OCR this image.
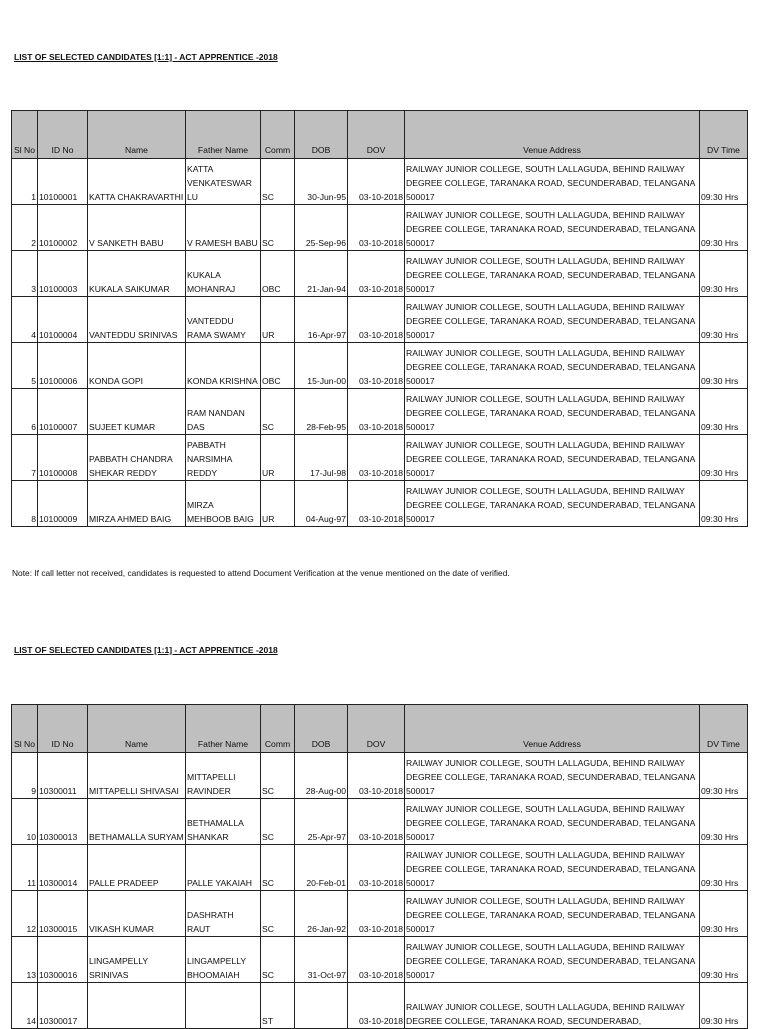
LIST OF SELECTED CANDIDATES [1:1] - ACT APPRENTICE -2018
Sl No	ID No	Name	Father Name	Comm	DOB	DOV	Venue Address	DV Time
1	10100001	KATTA CHAKRAVARTHI	KATTA VENKATESWAR LU	SC	30-Jun-95	03-10-2018	RAILWAY JUNIOR COLLEGE, SOUTH LALLAGUDA, BEHIND RAILWAY DEGREE COLLEGE, TARANAKA ROAD, SECUNDERABAD, TELANGANA 500017	09:30 Hrs
2	10100002	V SANKETH BABU	V RAMESH BABU	SC	25-Sep-96	03-10-2018	RAILWAY JUNIOR COLLEGE, SOUTH LALLAGUDA, BEHIND RAILWAY DEGREE COLLEGE, TARANAKA ROAD, SECUNDERABAD, TELANGANA 500017	09:30 Hrs
3	10100003	KUKALA SAIKUMAR	KUKALA MOHANRAJ	OBC	21-Jan-94	03-10-2018	RAILWAY JUNIOR COLLEGE, SOUTH LALLAGUDA, BEHIND RAILWAY DEGREE COLLEGE, TARANAKA ROAD, SECUNDERABAD, TELANGANA 500017	09:30 Hrs
4	10100004	VANTEDDU SRINIVAS	VANTEDDU RAMA SWAMY	UR	16-Apr-97	03-10-2018	RAILWAY JUNIOR COLLEGE, SOUTH LALLAGUDA, BEHIND RAILWAY DEGREE COLLEGE, TARANAKA ROAD, SECUNDERABAD, TELANGANA 500017	09:30 Hrs
5	10100006	KONDA GOPI	KONDA KRISHNA	OBC	15-Jun-00	03-10-2018	RAILWAY JUNIOR COLLEGE, SOUTH LALLAGUDA, BEHIND RAILWAY DEGREE COLLEGE, TARANAKA ROAD, SECUNDERABAD, TELANGANA 500017	09:30 Hrs
6	10100007	SUJEET KUMAR	RAM NANDAN DAS	SC	28-Feb-95	03-10-2018	RAILWAY JUNIOR COLLEGE, SOUTH LALLAGUDA, BEHIND RAILWAY DEGREE COLLEGE, TARANAKA ROAD, SECUNDERABAD, TELANGANA 500017	09:30 Hrs
7	10100008	PABBATH CHANDRA SHEKAR REDDY	PABBATH NARSIMHA REDDY	UR	17-Jul-98	03-10-2018	RAILWAY JUNIOR COLLEGE, SOUTH LALLAGUDA, BEHIND RAILWAY DEGREE COLLEGE, TARANAKA ROAD, SECUNDERABAD, TELANGANA 500017	09:30 Hrs
8	10100009	MIRZA AHMED BAIG	MIRZA MEHBOOB BAIG	UR	04-Aug-97	03-10-2018	RAILWAY JUNIOR COLLEGE, SOUTH LALLAGUDA, BEHIND RAILWAY DEGREE COLLEGE, TARANAKA ROAD, SECUNDERABAD, TELANGANA 500017	09:30 Hrs
Note: If call letter not received, candidates is requested to attend Document Verification at the venue mentioned on the date of verified.
LIST OF SELECTED CANDIDATES [1:1] - ACT APPRENTICE -2018
Sl No	ID No	Name	Father Name	Comm	DOB	DOV	Venue Address	DV Time
9	10300011	MITTAPELLI SHIVASAI	MITTAPELLI RAVINDER	SC	28-Aug-00	03-10-2018	RAILWAY JUNIOR COLLEGE, SOUTH LALLAGUDA, BEHIND RAILWAY DEGREE COLLEGE, TARANAKA ROAD, SECUNDERABAD, TELANGANA 500017	09:30 Hrs
10	10300013	BETHAMALLA SURYAM	BETHAMALLA SHANKAR	SC	25-Apr-97	03-10-2018	RAILWAY JUNIOR COLLEGE, SOUTH LALLAGUDA, BEHIND RAILWAY DEGREE COLLEGE, TARANAKA ROAD, SECUNDERABAD, TELANGANA 500017	09:30 Hrs
11	10300014	PALLE PRADEEP	PALLE YAKAIAH	SC	20-Feb-01	03-10-2018	RAILWAY JUNIOR COLLEGE, SOUTH LALLAGUDA, BEHIND RAILWAY DEGREE COLLEGE, TARANAKA ROAD, SECUNDERABAD, TELANGANA 500017	09:30 Hrs
12	10300015	VIKASH KUMAR	DASHRATH RAUT	SC	26-Jan-92	03-10-2018	RAILWAY JUNIOR COLLEGE, SOUTH LALLAGUDA, BEHIND RAILWAY DEGREE COLLEGE, TARANAKA ROAD, SECUNDERABAD, TELANGANA 500017	09:30 Hrs
13	10300016	LINGAMPELLY SRINIVAS	LINGAMPELLY BHOOMAIAH	SC	31-Oct-97	03-10-2018	RAILWAY JUNIOR COLLEGE, SOUTH LALLAGUDA, BEHIND RAILWAY DEGREE COLLEGE, TARANAKA ROAD, SECUNDERABAD, TELANGANA 500017	09:30 Hrs
14	10300017			ST		03-10-2018	RAILWAY JUNIOR COLLEGE, SOUTH LALLAGUDA, BEHIND RAILWAY DEGREE COLLEGE, TARANAKA ROAD, SECUNDERABAD,	09:30 Hrs
